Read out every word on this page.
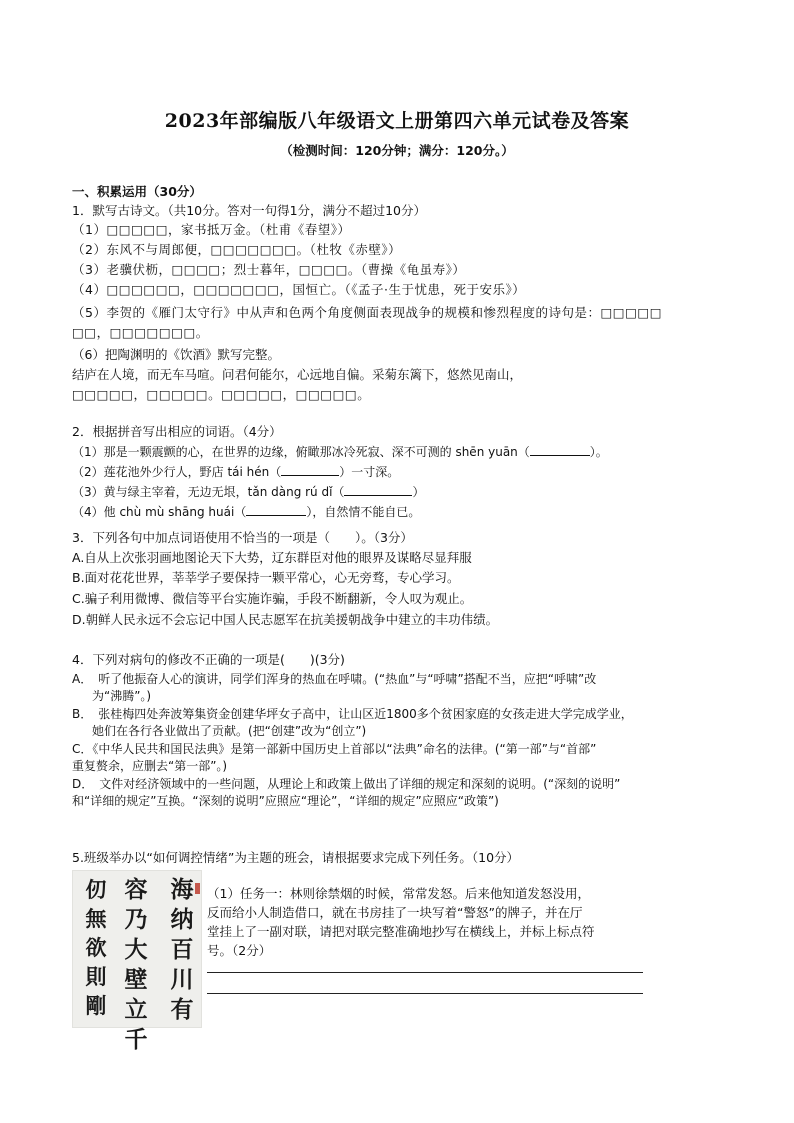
2023年部编版八年级语文上册第四六单元试卷及答案
（检测时间：120分钟；满分：120分。）
一、积累运用（30分）
1．默写古诗文。（共10分。答对一句得1分，满分不超过10分）
（1）□□□□□，家书抵万金。（杜甫《春望》）
（2）东风不与周郎便，□□□□□□□。（杜牧《赤壁》）
（3）老骥伏枥，□□□□；烈士暮年，□□□□。（曹操《龟虽寿》）
（4）□□□□□□，□□□□□□□，国恒亡。（《孟子·生于忧患，死于安乐》）
（5）李贺的《雁门太守行》中从声和色两个角度侧面表现战争的规模和惨烈程度的诗句是：□□□□□
□□，□□□□□□□。
（6）把陶渊明的《饮酒》默写完整。
结庐在人境，而无车马喧。问君何能尔，心远地自偏。采菊东篱下，悠然见南山，
□□□□□，□□□□□。□□□□□，□□□□□。
2．根据拼音写出相应的词语。（4分）
（1）那是一颗震颤的心，在世界的边缘，俯瞰那冰冷死寂、深不可测的 shēn yuān（	）。
（2）莲花池外少行人，野店 tái hén（	）一寸深。
（3）黄与绿主宰着，无边无垠，tǎn dàng rú dǐ（	）
（4）他 chù mù shāng huái（	），自然情不能自已。
3．下列各句中加点词语使用不恰当的一项是（　　）。（3分）
A.自从上次张羽画地图论天下大势，辽东群臣对他的眼界及谋略尽显拜服
B.面对花花世界，莘莘学子要保持一颗平常心，心无旁骛，专心学习。
C.骗子利用微博、微信等平台实施诈骗，手段不断翻新，令人叹为观止。
D.朝鲜人民永远不会忘记中国人民志愿军在抗美援朝战争中建立的丰功伟绩。
4．下列对病句的修改不正确的一项是(　　)(3分)
A．　听了他振奋人心的演讲，同学们浑身的热血在呼啸。(“热血”与“呼啸”搭配不当，应把“呼啸”改
为“沸腾”。)
B．　张桂梅四处奔波筹集资金创建华坪女子高中，让山区近1800多个贫困家庭的女孩走进大学完成学业，
她们在各行各业做出了贡献。(把“创建”改为“创立”)
C．《中华人民共和国民法典》是第一部新中国历史上首部以“法典”命名的法律。(“第一部”与“首部”
重复赘余，应删去“第一部”。)
D．　文件对经济领域中的一些问题，从理论上和政策上做出了详细的规定和深刻的说明。(“深刻的说明”
和“详细的规定”互换。“深刻的说明”应照应“理论”，“详细的规定”应照应“政策”)
5.班级举办以“如何调控情绪”为主题的班会，请根据要求完成下列任务。（10分）
海纳百川有
容乃大壁立千
仞無欲則剛
（1）任务一：林则徐禁烟的时候，常常发怒。后来他知道发怒没用，
反而给小人制造借口，就在书房挂了一块写着“警怒”的牌子，并在厅
堂挂上了一副对联，请把对联完整准确地抄写在横线上，并标上标点符
号。（2分）
